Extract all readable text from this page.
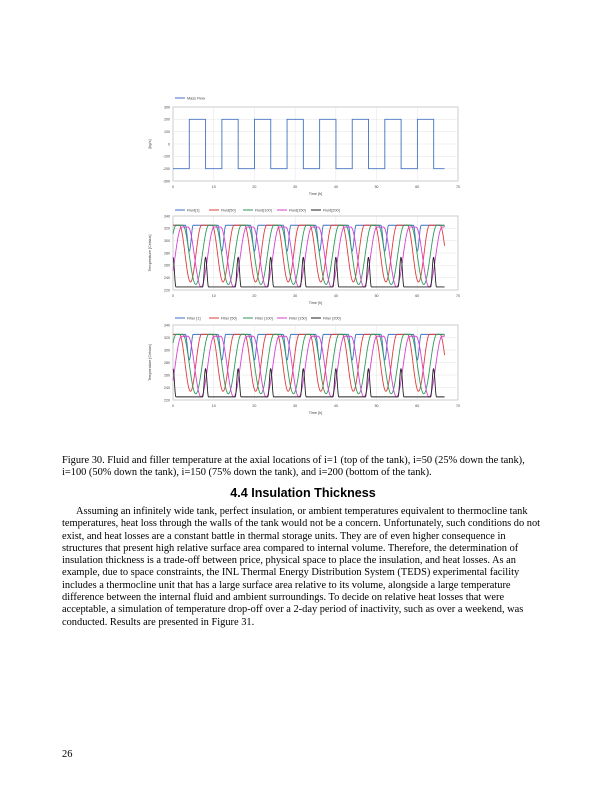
0	10	20	30	40	50	60	70
300
200
100
0
-100
-200
-300
Time [h]
[kg/s]
Mass Flow
0	10	20	30	40	50	60	70
340
320
300
280
260
240
220
Time [h]
Temperature [Celsius]
Fluid[1]	Fluid[50]	Fluid[100]	Fluid[150]	Fluid[200]
0	10	20	30	40	50	60	70
340
320
300
280
260
240
220
Time [h]
Temperature [Celsius]
Filler [1]	Filler [50]	Filler [100]	Filler [150]	Filler [200]
Figure 30. Fluid and filler temperature at the axial locations of i=1 (top of the tank), i=50 (25% down the tank), i=100 (50% down the tank), i=150 (75% down the tank), and i=200 (bottom of the tank).
4.4 Insulation Thickness
Assuming an infinitely wide tank, perfect insulation, or ambient temperatures equivalent to thermocline tank temperatures, heat loss through the walls of the tank would not be a concern. Unfortunately, such conditions do not exist, and heat losses are a constant battle in thermal storage units. They are of even higher consequence in structures that present high relative surface area compared to internal volume. Therefore, the determination of insulation thickness is a trade-off between price, physical space to place the insulation, and heat losses. As an example, due to space constraints, the INL Thermal Energy Distribution System (TEDS) experimental facility includes a thermocline unit that has a large surface area relative to its volume, alongside a large temperature difference between the internal fluid and ambient surroundings. To decide on relative heat losses that were acceptable, a simulation of temperature drop-off over a 2-day period of inactivity, such as over a weekend, was conducted. Results are presented in Figure 31.
26
